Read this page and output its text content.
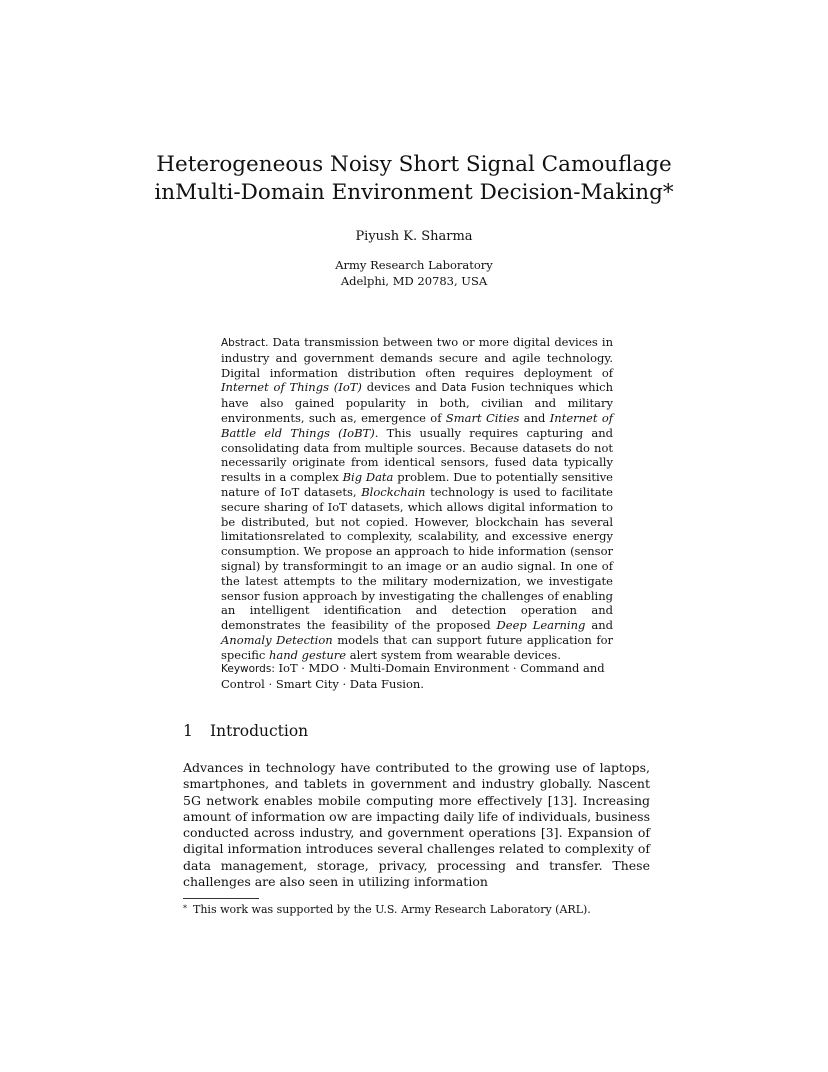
Heterogeneous Noisy Short Signal Camouflage
inMulti-Domain Environment Decision-Making*
Piyush K. Sharma
Army Research Laboratory
Adelphi, MD 20783, USA

Abstract. Data transmission between two or more digital devices in industry and government demands secure and agile technology. Digital information distribution often requires deployment of Internet of Things (IoT) devices and Data Fusion techniques which have also gained popularity in both, civilian and military environments, such as, emergence of Smart Cities and Internet of Battle eld Things (IoBT). This usually requires capturing and consolidating data from multiple sources. Because datasets do not necessarily originate from identical sensors, fused data typically results in a complex Big Data problem. Due to potentially sensitive nature of IoT datasets, Blockchain technology is used to facilitate secure sharing of IoT datasets, which allows digital information to be distributed, but not copied. However, blockchain has several limitationsrelated to complexity, scalability, and excessive energy consumption. We propose an approach to hide information (sensor signal) by transformingit to an image or an audio signal. In one of the latest attempts to the military modernization, we investigate sensor fusion approach by investigating the challenges of enabling an intelligent identification and detection operation and demonstrates the feasibility of the proposed Deep Learning and Anomaly Detection models that can support future application for specific hand gesture alert system from wearable devices.

Keywords: IoT · MDO · Multi-Domain Environment · Command and Control · Smart City · Data Fusion.
1 Introduction

Advances in technology have contributed to the growing use of laptops, smartphones, and tablets in government and industry globally. Nascent 5G network enables mobile computing more effectively [13]. Increasing amount of information ow are impacting daily life of individuals, business conducted across industry, and government operations [3]. Expansion of digital information introduces several challenges related to complexity of data management, storage, privacy, processing and transfer. These challenges are also seen in utilizing information

* This work was supported by the U.S. Army Research Laboratory (ARL).
